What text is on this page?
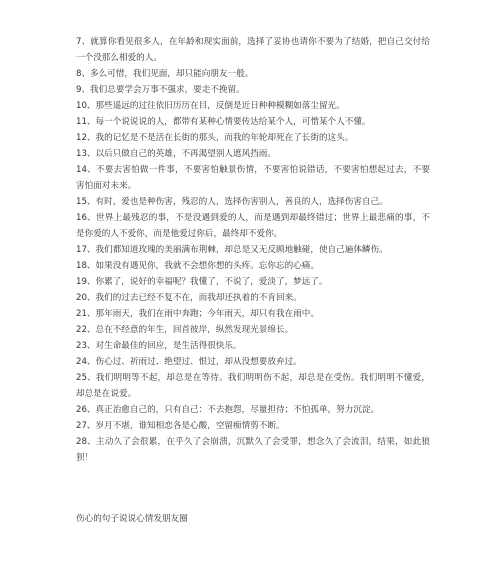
7、就算你看见很多人，在年龄和现实面前，选择了妥协也请你不要为了结婚，把自己交付给一个没那么相爱的人。
8、多么可惜，我们见面，却只能向朋友一般。
9、我们总要学会万事不强求，要走不挽留。
10、那些遥远的过往依旧历历在目，反倒是近日种种模糊如落尘留光。
11、每一个说说说的人，都带有某种心情要传达给某个人，可惜某个人不懂。
12、我的记忆是不是活在长街的那头，而我的年轮却死在了长街的这头。
13、以后只做自己的英雄，不再渴望别人遮风挡雨。
14、不要去害怕做一件事，不要害怕触景伤情，不要害怕说错话，不要害怕想起过去，不要害怕面对未来。
15、有时，爱也是种伤害，残忍的人，选择伤害别人，善良的人，选择伤害自己。
16、世界上最残忍的事，不是没遇到爱的人，而是遇到却最终错过；世界上最悲痛的事，不是你爱的人不爱你，而是他爱过你后，最终却不爱你。
17、我们都知道玫瑰的美丽满布荆棘，却总是又无反顾地触碰，使自己遍体鳞伤。
18、如果没有遇见你，我就不会想你想的头疼。忘你忘的心痛。
19、你累了，说好的幸福呢？我懂了，不说了，爱淡了，梦远了。
20、我们的过去已经不复不在，而我却还执着的不肯回来。
21、那年雨天，我们在雨中奔跑；今年雨天，却只有我在雨中。
22、总在不经意的年生，回首彼岸，纵然发现光景绵长。
23、对生命最佳的回应，是生活得很快乐。
24、伤心过、祈雨过、绝望过、恨过，却从没想要放弃过。
25、我们明明等不起，却总是在等待。我们明明伤不起，却总是在受伤。我们明明不懂爱，却总是在说爱。
26、真正治愈自己的，只有自己：不去抱怨，尽量担待；不怕孤单，努力沉淀。
27、岁月不堪，谁知相恋各是心酸，空留痴情剪不断。
28、主动久了会很累，在乎久了会崩溃，沉默久了会受罪，想念久了会流泪，结果，如此狼狈！
伤心的句子说说心情发朋友圈
